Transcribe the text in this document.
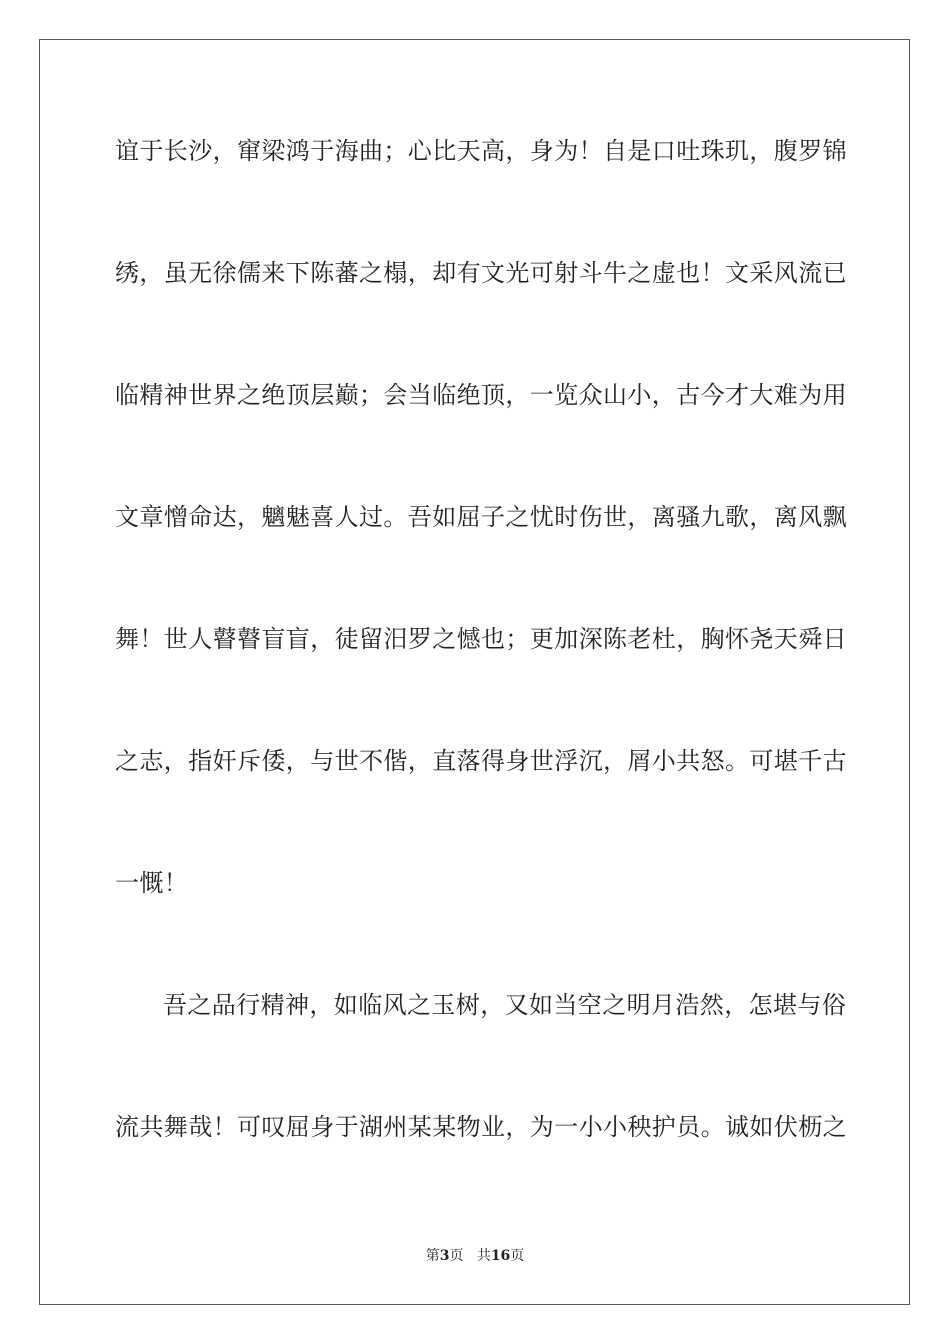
谊于长沙，窜梁鸿于海曲；心比天高，身为！自是口吐珠玑，腹罗锦
绣，虽无徐儒来下陈蕃之榻，却有文光可射斗牛之虚也！文采风流已
临精神世界之绝顶层巅；会当临绝顶，一览众山小，古今才大难为用
文章憎命达，魑魅喜人过。吾如屈子之忧时伤世，离骚九歌，离风飘
舞！世人瞽瞽盲盲，徒留汨罗之憾也；更加深陈老杜，胸怀尧天舜日
之志，指奸斥倭，与世不偕，直落得身世浮沉，屑小共怒。可堪千古
一慨！
吾之品行精神，如临风之玉树，又如当空之明月浩然，怎堪与俗
流共舞哉！可叹屈身于湖州某某物业，为一小小秧护员。诚如伏枥之
第3页 共16页
